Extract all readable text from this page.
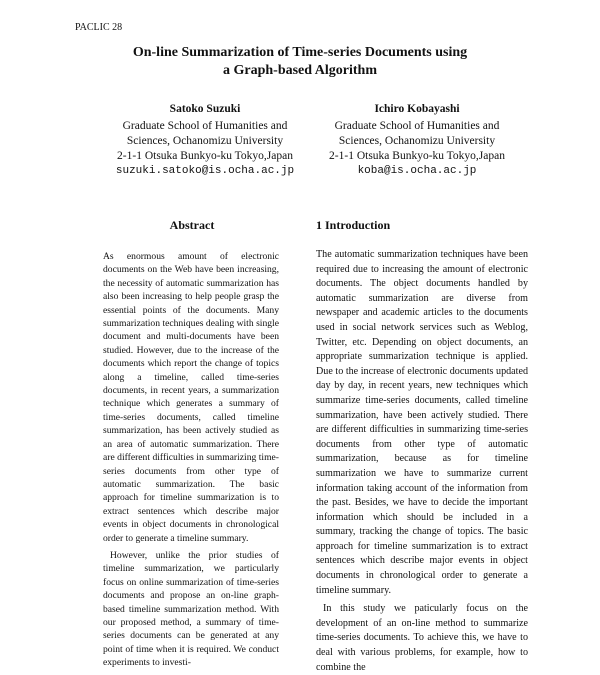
PACLIC 28
On-line Summarization of Time-series Documents using
a Graph-based Algorithm
Satoko Suzuki
Graduate School of Humanities and
Sciences, Ochanomizu University
2-1-1 Otsuka Bunkyo-ku Tokyo,Japan
suzuki.satoko@is.ocha.ac.jp
Ichiro Kobayashi
Graduate School of Humanities and
Sciences, Ochanomizu University
2-1-1 Otsuka Bunkyo-ku Tokyo,Japan
koba@is.ocha.ac.jp
Abstract	1 Introduction

As enormous amount of electronic documents on the Web have been increasing, the necessity of automatic summarization has also been increasing to help people grasp the essential points of the documents. Many summarization techniques dealing with single document and multi-documents have been studied. However, due to the increase of the documents which report the change of topics along a timeline, called time-series documents, in recent years, a summarization technique which generates a summary of time-series documents, called timeline summarization, has been actively studied as an area of automatic summarization. There are different difficulties in summarizing time-series documents from other type of automatic summarization. The basic approach for timeline summarization is to extract sentences which describe major events in object documents in chronological order to generate a timeline summary.

However, unlike the prior studies of timeline summarization, we particularly focus on online summarization of time-series documents and propose an on-line graph-based timeline summarization method. With our proposed method, a summary of time-series documents can be generated at any point of time when it is required. We conduct experiments to investi-

The automatic summarization techniques have been required due to increasing the amount of electronic documents. The object documents handled by automatic summarization are diverse from newspaper and academic articles to the documents used in social network services such as Weblog, Twitter, etc. Depending on object documents, an appropriate summarization technique is applied. Due to the increase of electronic documents updated day by day, in recent years, new techniques which summarize time-series documents, called timeline summarization, have been actively studied. There are different difficulties in summarizing time-series documents from other type of automatic summarization, because as for timeline summarization we have to summarize current information taking account of the information from the past. Besides, we have to decide the important information which should be included in a summary, tracking the change of topics. The basic approach for timeline summarization is to extract sentences which describe major events in object documents in chronological order to generate a timeline summary.

In this study we paticularly focus on the development of an on-line method to summarize time-series documents. To achieve this, we have to deal with various problems, for example, how to combine the
